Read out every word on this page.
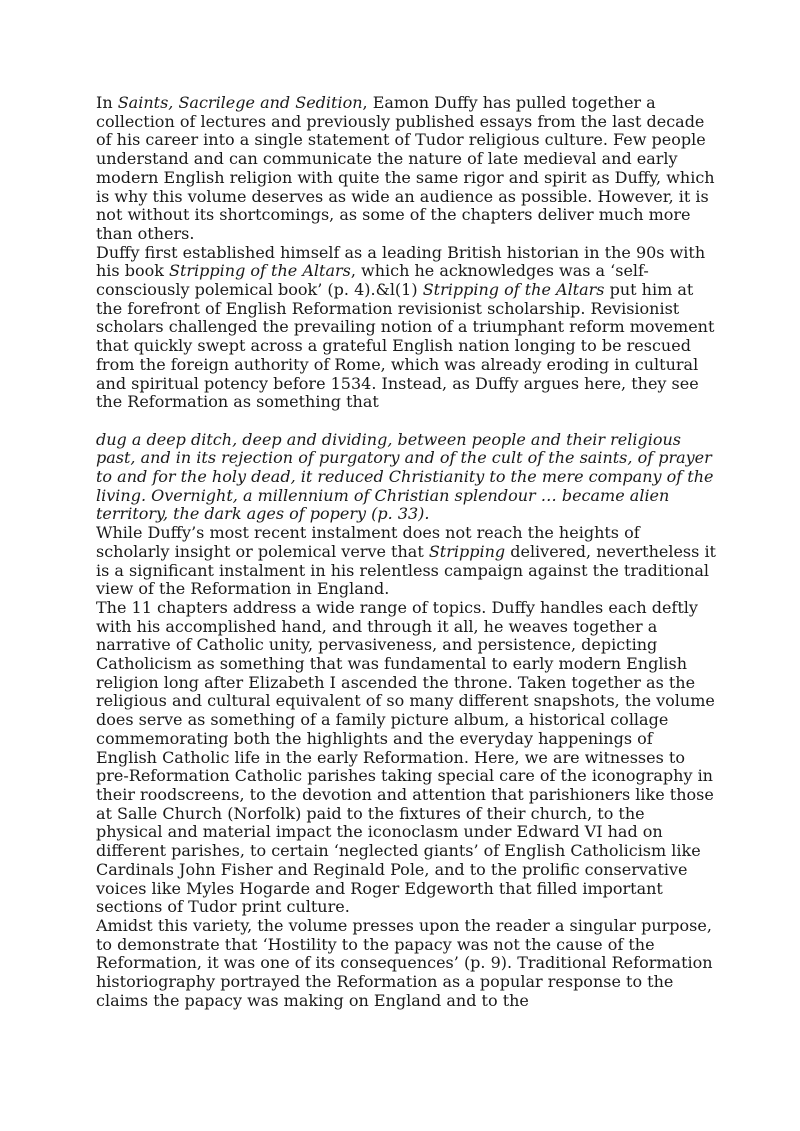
In Saints, Sacrilege and Sedition, Eamon Duffy has pulled together a collection of lectures and previously published essays from the last decade of his career into a single statement of Tudor religious culture. Few people understand and can communicate the nature of late medieval and early modern English religion with quite the same rigor and spirit as Duffy, which is why this volume deserves as wide an audience as possible. However, it is not without its shortcomings, as some of the chapters deliver much more than others.

Duffy first established himself as a leading British historian in the 90s with his book Stripping of the Altars, which he acknowledges was a ‘self-consciously polemical book’ (p. 4).&l(1) Stripping of the Altars put him at the forefront of English Reformation revisionist scholarship. Revisionist scholars challenged the prevailing notion of a triumphant reform movement that quickly swept across a grateful English nation longing to be rescued from the foreign authority of Rome, which was already eroding in cultural and spiritual potency before 1534. Instead, as Duffy argues here, they see the Reformation as something that

dug a deep ditch, deep and dividing, between people and their religious past, and in its rejection of purgatory and of the cult of the saints, of prayer to and for the holy dead, it reduced Christianity to the mere company of the living. Overnight, a millennium of Christian splendour … became alien territory, the dark ages of popery (p. 33).

While Duffy’s most recent instalment does not reach the heights of scholarly insight or polemical verve that Stripping delivered, nevertheless it is a significant instalment in his relentless campaign against the traditional view of the Reformation in England.

The 11 chapters address a wide range of topics. Duffy handles each deftly with his accomplished hand, and through it all, he weaves together a narrative of Catholic unity, pervasiveness, and persistence, depicting Catholicism as something that was fundamental to early modern English religion long after Elizabeth I ascended the throne. Taken together as the religious and cultural equivalent of so many different snapshots, the volume does serve as something of a family picture album, a historical collage commemorating both the highlights and the everyday happenings of English Catholic life in the early Reformation. Here, we are witnesses to pre-Reformation Catholic parishes taking special care of the iconography in their roodscreens, to the devotion and attention that parishioners like those at Salle Church (Norfolk) paid to the fixtures of their church, to the physical and material impact the iconoclasm under Edward VI had on different parishes, to certain ‘neglected giants’ of English Catholicism like Cardinals John Fisher and Reginald Pole, and to the prolific conservative voices like Myles Hogarde and Roger Edgeworth that filled important sections of Tudor print culture.

Amidst this variety, the volume presses upon the reader a singular purpose, to demonstrate that ‘Hostility to the papacy was not the cause of the Reformation, it was one of its consequences’ (p. 9). Traditional Reformation historiography portrayed the Reformation as a popular response to the claims the papacy was making on England and to the
